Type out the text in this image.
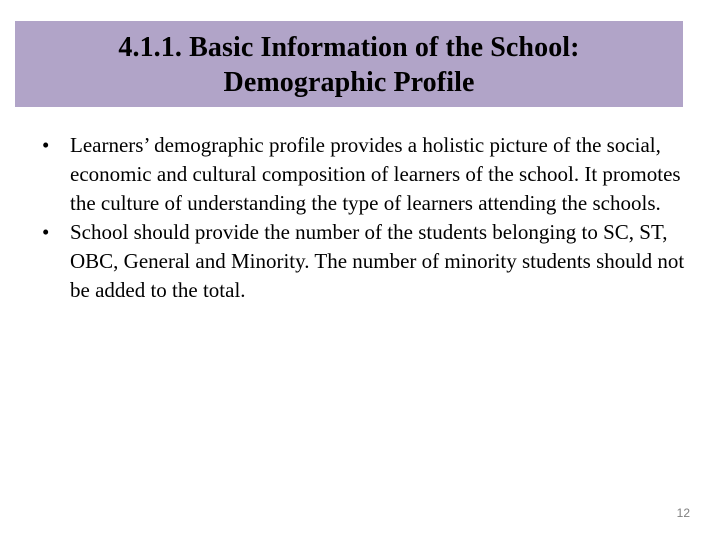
4.1.1. Basic Information of the School:
Demographic Profile
• Learners’ demographic profile provides a holistic picture of the social, economic and cultural composition of learners of the school. It promotes the culture of understanding the type of learners attending the schools.
• School should provide the number of the students belonging to SC, ST, OBC, General and Minority. The number of minority students should not be added to the total.
12
